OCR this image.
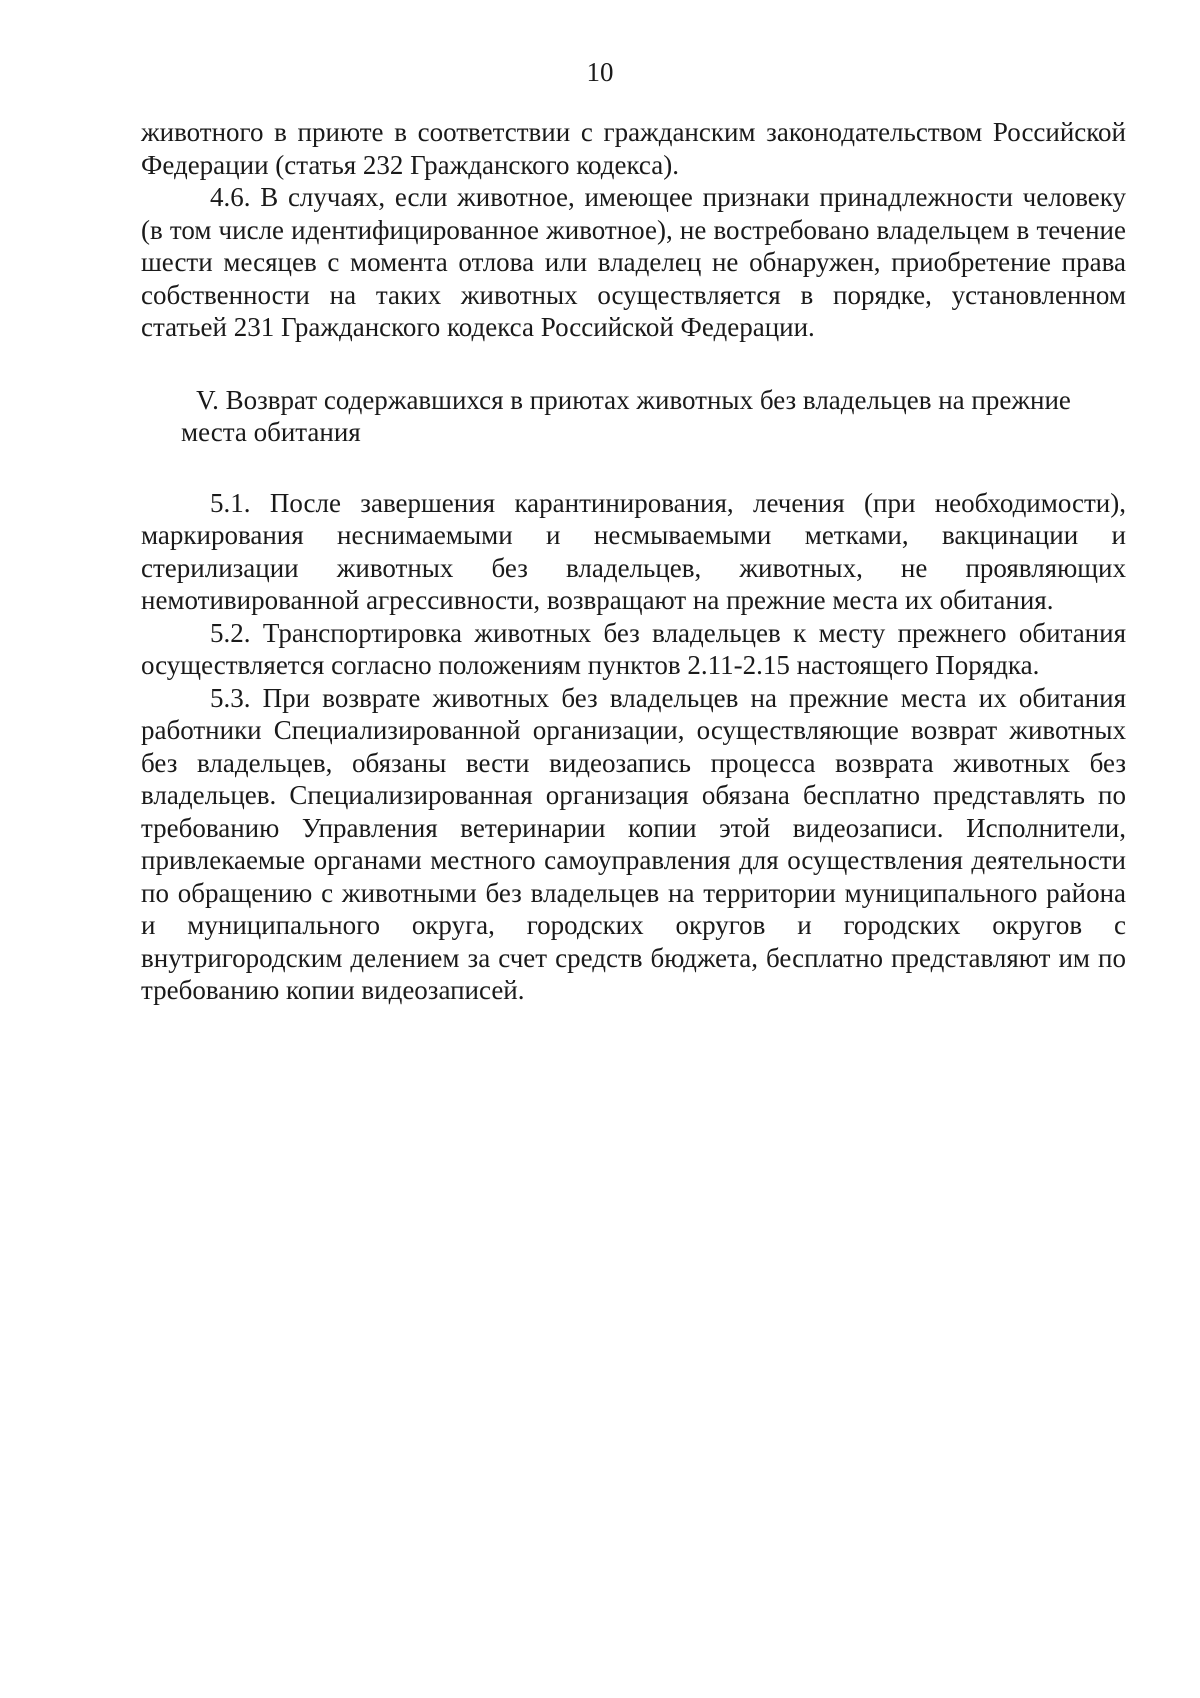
10

животного в приюте в соответствии с гражданским законодательством Российской Федерации (статья 232 Гражданского кодекса).

4.6. В случаях, если животное, имеющее признаки принадлежности человеку (в том числе идентифицированное животное), не востребовано владельцем в течение шести месяцев с момента отлова или владелец не обнаружен, приобретение права собственности на таких животных осуществляется в порядке, установленном статьей 231 Гражданского кодекса Российской Федерации.

V. Возврат содержавшихся в приютах животных без владельцев на прежние места обитания

5.1. После завершения карантинирования, лечения (при необходимости), маркирования неснимаемыми и несмываемыми метками, вакцинации и стерилизации животных без владельцев, животных, не проявляющих немотивированной агрессивности, возвращают на прежние места их обитания.

5.2. Транспортировка животных без владельцев к месту прежнего обитания осуществляется согласно положениям пунктов 2.11-2.15 настоящего Порядка.

5.3. При возврате животных без владельцев на прежние места их обитания работники Специализированной организации, осуществляющие возврат животных без владельцев, обязаны вести видеозапись процесса возврата животных без владельцев. Специализированная организация обязана бесплатно представлять по требованию Управления ветеринарии копии этой видеозаписи. Исполнители, привлекаемые органами местного самоуправления для осуществления деятельности по обращению с животными без владельцев на территории муниципального района и муниципального округа, городских округов и городских округов с внутригородским делением за счет средств бюджета, бесплатно представляют им по требованию копии видеозаписей.
